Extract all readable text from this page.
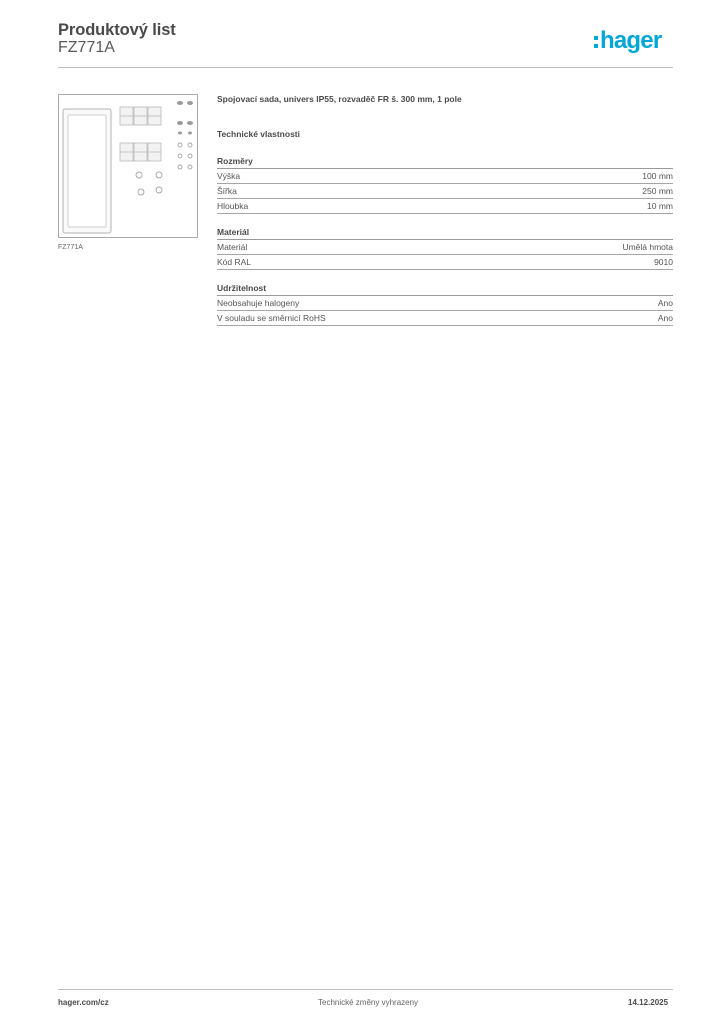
Produktový list
FZ771A	hager
FZ771A

Spojovací sada, univers IP55, rozvaděč FR š. 300 mm, 1 pole

Technické vlastnosti
Rozměry
Výška	100 mm
Šířka	250 mm
Hloubka	10 mm
Materiál
Materiál	Umělá hmota
Kód RAL	9010
Udržitelnost
Neobsahuje halogeny	Ano
V souladu se směrnicí RoHS	Ano
hager.com/cz	Technické změny vyhrazeny	14.12.2025
